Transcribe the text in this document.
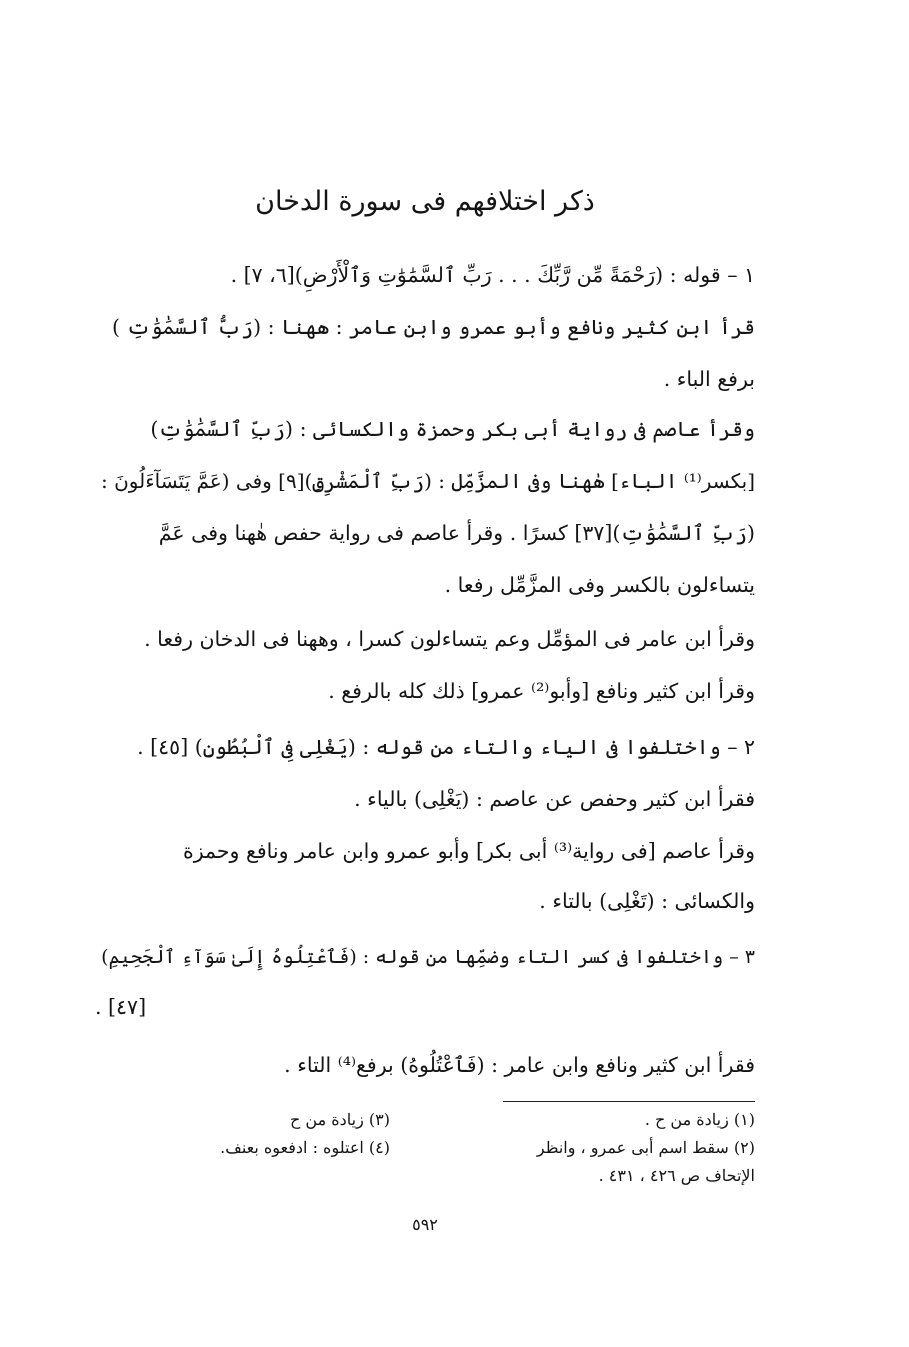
ذكر اختلافهم فى سورة الدخان
١ – قوله : (رَحْمَةً مِّن رَّبِّكَ . . . رَبِّ ٱلسَّمَٰوَٰتِ وَٱلْأَرْضِ)[٦، ٧] .
قرأ ابن كثير ونافع وأبو عمرو وابن عامر : ههنا : (رَبُّ ٱلسَّمَٰوَٰتِ )
برفع الباء .
وقرأ عاصم فى رواية أبى بكر وحمزة والكسائى : (رَبِّ ٱلسَّمَٰوَٰتِ)
[بكسر⁽¹⁾ الباء] هٰهنا وفى المزَّمِّل : (رَبِّ ٱلْمَشْرِقِ)[٩] وفى (عَمَّ يَتَسَآءَلُونَ :
(رَبِّ ٱلسَّمَٰوَٰتِ)[٣٧] كسرًا . وقرأ عاصم فى رواية حفص هٰهنا وفى عَمَّ
يتساءلون بالكسر وفى المزَّمِّل رفعا .
وقرأ ابن عامر فى المؤمِّل وعم يتساءلون كسرا ، وههنا فى الدخان رفعا .
وقرأ ابن كثير ونافع [وأبو⁽²⁾ عمرو] ذلك كله بالرفع .
٢ – واختلفوا فى الياء والتاء من قوله : (يَغْلِى فِى ٱلْبُطُونِ) [٤٥] .
فقرأ ابن كثير وحفص عن عاصم : (يَغْلِى) بالياء .
وقرأ عاصم [فى رواية⁽³⁾ أبى بكر] وأبو عمرو وابن عامر ونافع وحمزة
والكسائى : (تَغْلِى) بالتاء .
٣ – واختلفوا فى كسر التاء وضمِّها من قوله : (فَٱعْتِلُوهُ إِلَىٰ سَوَآءِ ٱلْجَحِيمِ)
[٤٧] .
فقرأ ابن كثير ونافع وابن عامر : (فَٱعْتُلُوهُ) برفع⁽⁴⁾ التاء .
(١) زيادة من ح .
(٣) زيادة من ح
(٢) سقط اسم أبى عمرو ، وانظر
(٤) اعتلوه : ادفعوه بعنف.
الإتحاف ص ٤٢٦ ، ٤٣١ .
٥٩٢
